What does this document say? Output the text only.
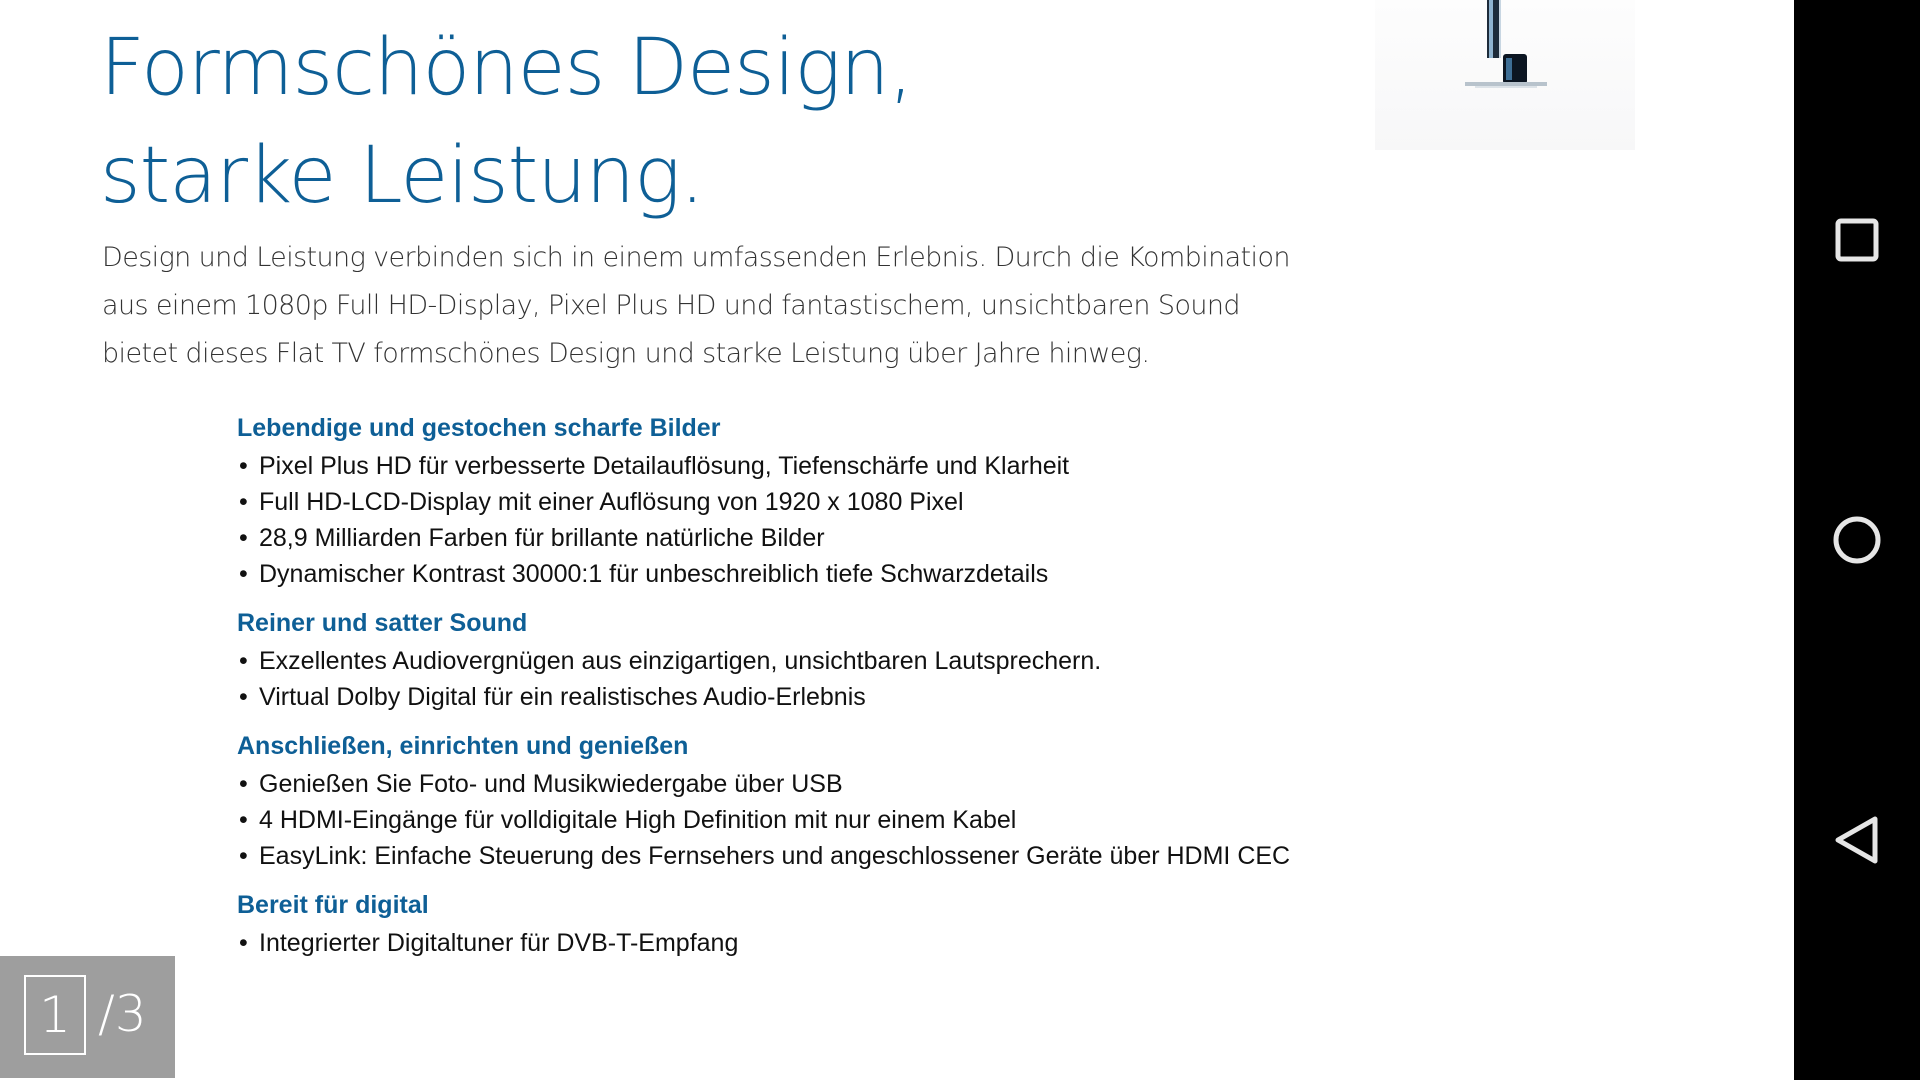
Formschönes Design,
starke Leistung.

Design und Leistung verbinden sich in einem umfassenden Erlebnis. Durch die Kombination aus einem 1080p Full HD-Display, Pixel Plus HD und fantastischem, unsichtbaren Sound bietet dieses Flat TV formschönes Design und starke Leistung über Jahre hinweg.

Lebendige und gestochen scharfe Bilder
• Pixel Plus HD für verbesserte Detailauflösung, Tiefenschärfe und Klarheit
• Full HD-LCD-Display mit einer Auflösung von 1920 x 1080 Pixel
• 28,9 Milliarden Farben für brillante natürliche Bilder
• Dynamischer Kontrast 30000:1 für unbeschreiblich tiefe Schwarzdetails
Reiner und satter Sound
• Exzellentes Audiovergnügen aus einzigartigen, unsichtbaren Lautsprechern.
• Virtual Dolby Digital für ein realistisches Audio-Erlebnis
Anschließen, einrichten und genießen
• Genießen Sie Foto- und Musikwiedergabe über USB
• 4 HDMI-Eingänge für volldigitale High Definition mit nur einem Kabel
• EasyLink: Einfache Steuerung des Fernsehers und angeschlossener Geräte über HDMI CEC
Bereit für digital
• Integrierter Digitaltuner für DVB-T-Empfang
1 /3
